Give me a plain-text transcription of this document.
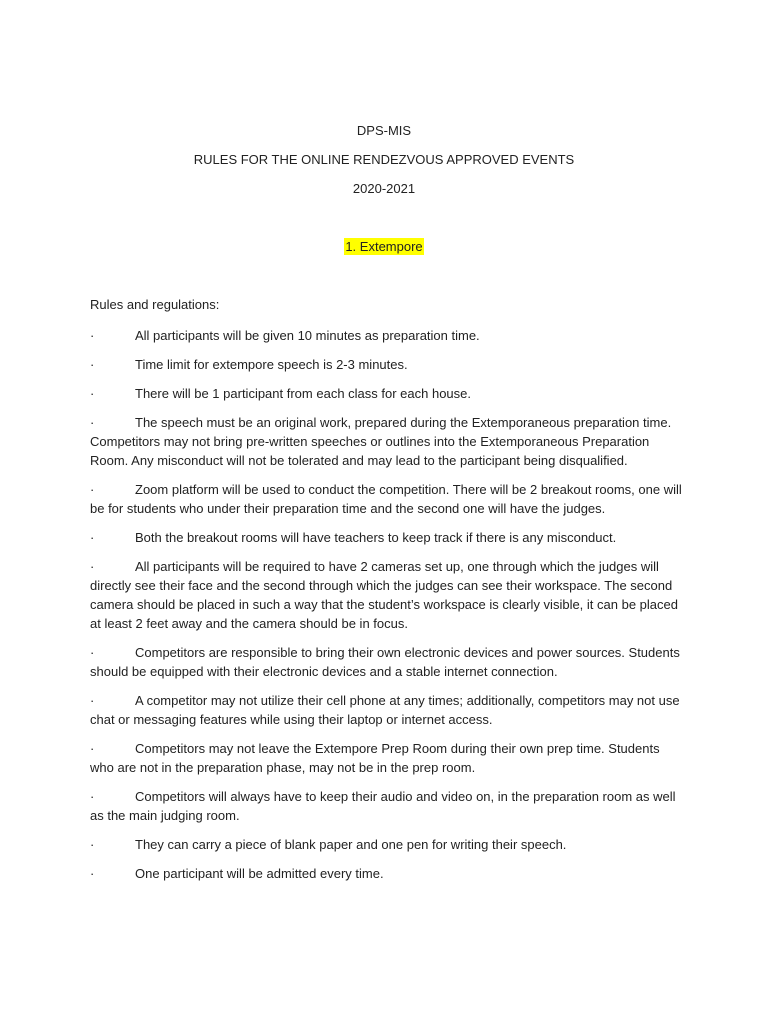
DPS-MIS
RULES FOR THE ONLINE RENDEZVOUS APPROVED EVENTS
2020-2021
1. Extempore
Rules and regulations:
·	All participants will be given 10 minutes as preparation time.
·	Time limit for extempore speech is 2-3 minutes.
·	There will be 1 participant from each class for each house.
·	The speech must be an original work, prepared during the Extemporaneous preparation time. Competitors may not bring pre-written speeches or outlines into the Extemporaneous Preparation Room. Any misconduct will not be tolerated and may lead to the participant being disqualified.
·	Zoom platform will be used to conduct the competition. There will be 2 breakout rooms, one will be for students who under their preparation time and the second one will have the judges.
·	Both the breakout rooms will have teachers to keep track if there is any misconduct.
·	All participants will be required to have 2 cameras set up, one through which the judges will directly see their face and the second through which the judges can see their workspace. The second camera should be placed in such a way that the student’s workspace is clearly visible, it can be placed at least 2 feet away and the camera should be in focus.
·	Competitors are responsible to bring their own electronic devices and power sources. Students should be equipped with their electronic devices and a stable internet connection.
·	A competitor may not utilize their cell phone at any times; additionally, competitors may not use chat or messaging features while using their laptop or internet access.
·	Competitors may not leave the Extempore Prep Room during their own prep time. Students who are not in the preparation phase, may not be in the prep room.
·	Competitors will always have to keep their audio and video on, in the preparation room as well as the main judging room.
·	They can carry a piece of blank paper and one pen for writing their speech.
·	One participant will be admitted every time.
